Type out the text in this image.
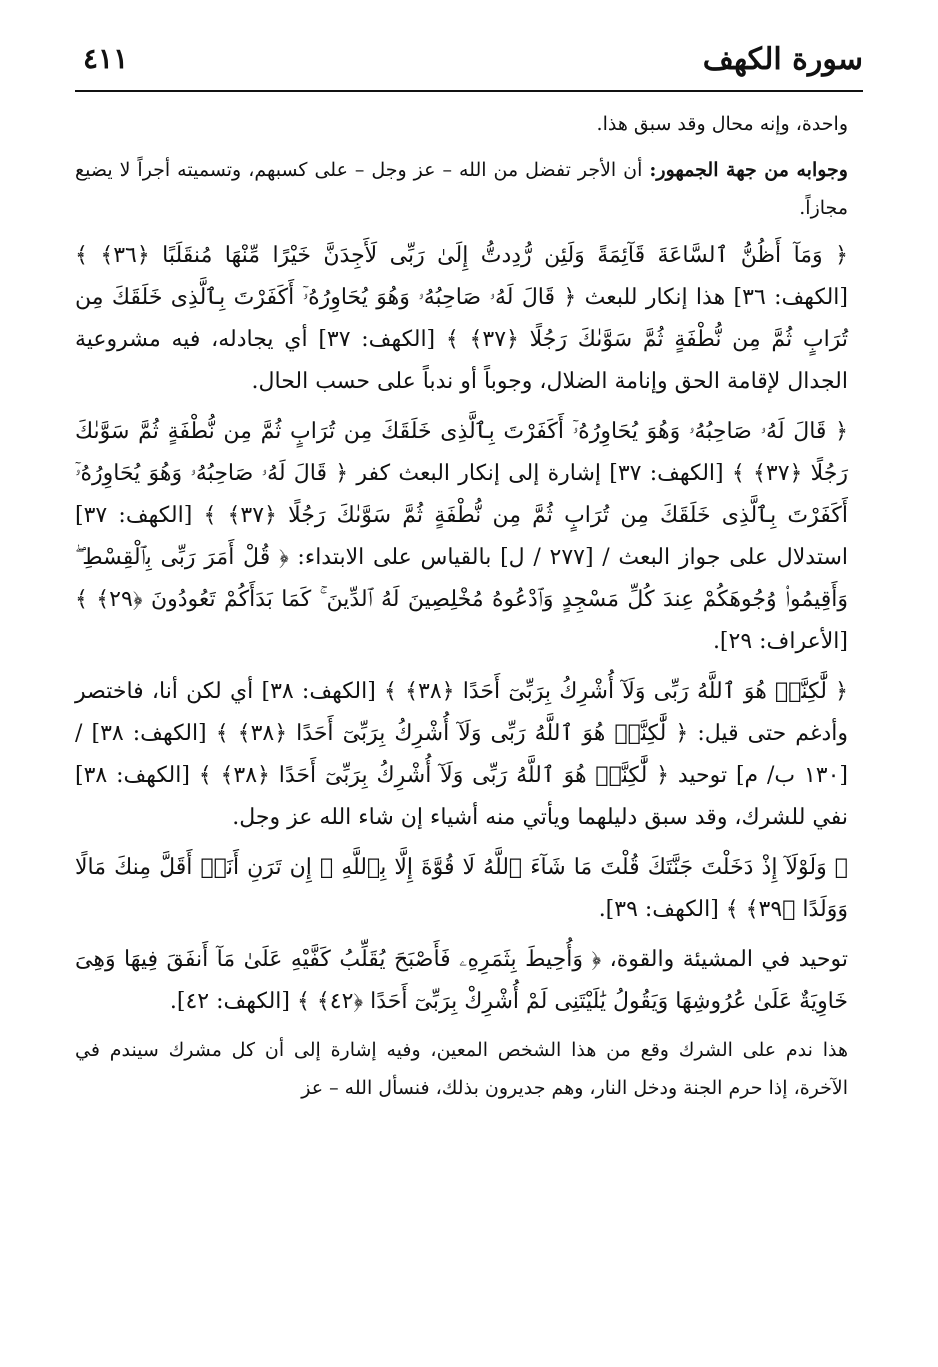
سورة الكهف
٤١١

واحدة، وإنه محال وقد سبق هذا.

وجوابه من جهة الجمهور: أن الأجر تفضل من الله – عز وجل – على كسبهم، وتسميته أجراً لا يضيع مجازاً.

﴿ وَمَآ أَظُنُّ ٱلسَّاعَةَ قَآئِمَةً وَلَئِن رُّدِدتُّ إِلَىٰ رَبِّى لَأَجِدَنَّ خَيْرًا مِّنْهَا مُنقَلَبًا ﴿٣٦﴾ ﴾ [الكهف: ٣٦] هذا إنكار للبعث ﴿ قَالَ لَهُۥ صَاحِبُهُۥ وَهُوَ يُحَاوِرُهُۥٓ أَكَفَرْتَ بِٱلَّذِى خَلَقَكَ مِن تُرَابٍ ثُمَّ مِن نُّطْفَةٍ ثُمَّ سَوَّىٰكَ رَجُلًا ﴿٣٧﴾ ﴾ [الكهف: ٣٧] أي يجادله، فيه مشروعية الجدال لإقامة الحق وإنامة الضلال، وجوباً أو ندباً على حسب الحال.

﴿ قَالَ لَهُۥ صَاحِبُهُۥ وَهُوَ يُحَاوِرُهُۥٓ أَكَفَرْتَ بِٱلَّذِى خَلَقَكَ مِن تُرَابٍ ثُمَّ مِن نُّطْفَةٍ ثُمَّ سَوَّىٰكَ رَجُلًا ﴿٣٧﴾ ﴾ [الكهف: ٣٧] إشارة إلى إنكار البعث كفر ﴿ قَالَ لَهُۥ صَاحِبُهُۥ وَهُوَ يُحَاوِرُهُۥٓ أَكَفَرْتَ بِٱلَّذِى خَلَقَكَ مِن تُرَابٍ ثُمَّ مِن نُّطْفَةٍ ثُمَّ سَوَّىٰكَ رَجُلًا ﴿٣٧﴾ ﴾ [الكهف: ٣٧] استدلال على جواز البعث / [٢٧٧ / ل] بالقياس على الابتداء: ﴿ قُلْ أَمَرَ رَبِّى بِٱلْقِسْطِ ۖ وَأَقِيمُوا۟ وُجُوهَكُمْ عِندَ كُلِّ مَسْجِدٍ وَٱدْعُوهُ مُخْلِصِينَ لَهُ ٱلدِّينَ ۚ كَمَا بَدَأَكُمْ تَعُودُونَ ﴿٢٩﴾ ﴾ [الأعراف: ٢٩].

﴿ لَّٰكِنَّا۠ هُوَ ٱللَّهُ رَبِّى وَلَآ أُشْرِكُ بِرَبِّىٓ أَحَدًا ﴿٣٨﴾ ﴾ [الكهف: ٣٨] أي لكن أنا، فاختصر وأدغم حتى قيل: ﴿ لَّٰكِنَّا۠ هُوَ ٱللَّهُ رَبِّى وَلَآ أُشْرِكُ بِرَبِّىٓ أَحَدًا ﴿٣٨﴾ ﴾ [الكهف: ٣٨] / [١٣٠ ب/ م] توحيد ﴿ لَّٰكِنَّا۠ هُوَ ٱللَّهُ رَبِّى وَلَآ أُشْرِكُ بِرَبِّىٓ أَحَدًا ﴿٣٨﴾ ﴾ [الكهف: ٣٨] نفي للشرك، وقد سبق دليلهما ويأتي منه أشياء إن شاء الله عز وجل.

﴿ وَلَوْلَآ إِذْ دَخَلْتَ جَنَّتَكَ قُلْتَ مَا شَآءَ ٱللَّهُ لَا قُوَّةَ إِلَّا بِٱللَّهِ ۚ إِن تَرَنِ أَنَا۠ أَقَلَّ مِنكَ مَالًا وَوَلَدًا ﴿٣٩﴾ ﴾ [الكهف: ٣٩].

توحيد في المشيئة والقوة، ﴿ وَأُحِيطَ بِثَمَرِهِۦ فَأَصْبَحَ يُقَلِّبُ كَفَّيْهِ عَلَىٰ مَآ أَنفَقَ فِيهَا وَهِىَ خَاوِيَةٌ عَلَىٰ عُرُوشِهَا وَيَقُولُ يَٰلَيْتَنِى لَمْ أُشْرِكْ بِرَبِّىٓ أَحَدًا ﴿٤٢﴾ ﴾ [الكهف: ٤٢].

هذا ندم على الشرك وقع من هذا الشخص المعين، وفيه إشارة إلى أن كل مشرك سيندم في الآخرة، إذا حرم الجنة ودخل النار، وهم جديرون بذلك، فنسأل الله – عز
